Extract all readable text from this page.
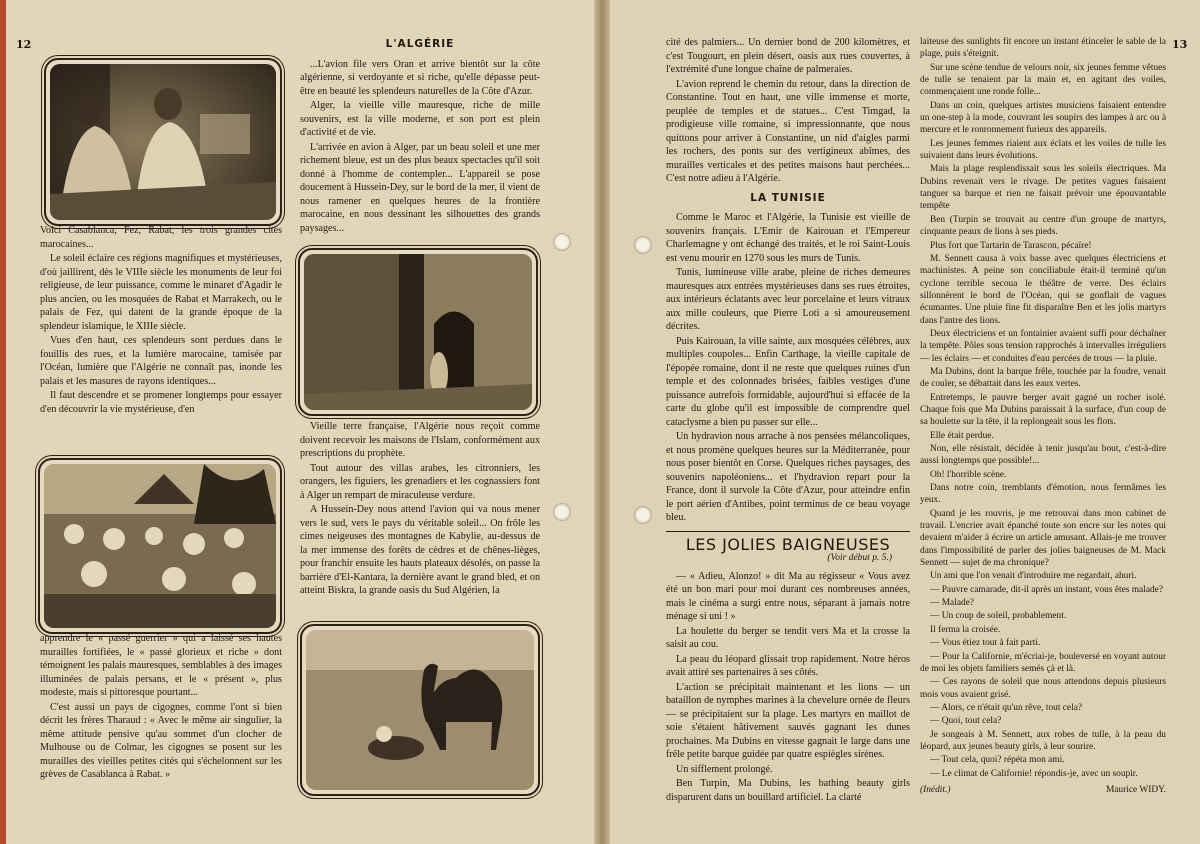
12

Voici Casablanca, Fez, Rabat, les trois grandes cités marocaines...

Le soleil éclaire ces régions magnifiques et mystérieuses, d'où jaillirent, dès le VIIIe siècle les monuments de leur foi religieuse, de leur puissance, comme le minaret d'Agadir le plus ancien, ou les mosquées de Rabat et Marrakech, ou le palais de Fez, qui datent de la grande époque de la splendeur islamique, le XIIIe siècle.

Vues d'en haut, ces splendeurs sont perdues dans le fouillis des rues, et la lumière marocaine, tamisée par l'Océan, lumière que l'Algérie ne connaît pas, inonde les palais et les masures de rayons identiques...

Il faut descendre et se promener longtemps pour essayer d'en découvrir la vie mystérieuse, d'en

apprendre le « passé guerrier » qui a laissé ses hautes murailles fortifiées, le « passé glorieux et riche » dont témoignent les palais mauresques, semblables à des images illuminées de palais persans, et le « présent », plus modeste, mais si pittoresque pourtant...

C'est aussi un pays de cigognes, comme l'ont si bien décrit les frères Tharaud : « Avec le même air singulier, la même attitude pensive qu'au sommet d'un clocher de Mulhouse ou de Colmar, les cigognes se posent sur les murailles des vieilles petites cités qui s'échelonnent sur les grèves de Casablanca à Rabat. »

L'ALGÉRIE

...L'avion file vers Oran et arrive bientôt sur la côte algérienne, si verdoyante et si riche, qu'elle dépasse peut-être en beauté les splendeurs naturelles de la Côte d'Azur.

Alger, la vieille ville mauresque, riche de mille souvenirs, est la ville moderne, et son port est plein d'activité et de vie.

L'arrivée en avion à Alger, par un beau soleil et une mer richement bleue, est un des plus beaux spectacles qu'il soit donné à l'homme de contempler... L'appareil se pose doucement à Hussein-Dey, sur le bord de la mer, il vient de nous ramener en quelques heures de la frontière marocaine, en nous dessinant les silhouettes des grands paysages...

Vieille terre française, l'Algérie nous reçoit comme doivent recevoir les maisons de l'Islam, conformément aux prescriptions du prophète.

Tout autour des villas arabes, les citronniers, les orangers, les figuiers, les grenadiers et les cognassiers font à Alger un rempart de miraculeuse verdure.

A Hussein-Dey nous attend l'avion qui va nous mener vers le sud, vers le pays du véritable soleil... On frôle les cimes neigeuses des montagnes de Kabylie, au-dessus de la mer immense des forêts de cèdres et de chênes-lièges, pour franchir ensuite les hauts plateaux désolés, on passe la barrière d'El-Kantara, la dernière avant le grand bled, et on atteint Biskra, la grande oasis du Sud Algérien, la

13

cité des palmiers... Un dernier bond de 200 kilomètres, et c'est Tougourt, en plein désert, oasis aux rues couvertes, à l'extrémité d'une longue chaîne de palmeraies.

L'avion reprend le chemin du retour, dans la direction de Constantine. Tout en haut, une ville immense et morte, peuplée de temples et de statues... C'est Timgad, la prodigieuse ville romaine, si impressionnante, que nous quittons pour arriver à Constantine, un nid d'aigles parmi les rochers, des ponts sur des vertigineux abîmes, des murailles verticales et des petites maisons haut perchées... C'est notre adieu à l'Algérie.

LA TUNISIE

Comme le Maroc et l'Algérie, la Tunisie est vieille de souvenirs français. L'Emir de Kairouan et l'Empereur Charlemagne y ont échangé des traités, et le roi Saint-Louis est venu mourir en 1270 sous les murs de Tunis.

Tunis, lumineuse ville arabe, pleine de riches demeures mauresques aux entrées mystérieuses dans ses rues étroites, aux intérieurs éclatants avec leur porcelaine et leurs vitraux aux mille couleurs, que Pierre Loti a si amoureusement décrites.

Puis Kairouan, la ville sainte, aux mosquées célèbres, aux multiples coupoles... Enfin Carthage, la vieille capitale de l'épopée romaine, dont il ne reste que quelques ruines d'un temple et des colonnades brisées, faibles vestiges d'une puissance autrefois formidable, aujourd'hui si effacée de la carte du globe qu'il est impossible de comprendre quel cataclysme a bien pu passer sur elle...

Un hydravion nous arrache à nos pensées mélancoliques, et nous promène quelques heures sur la Méditerranée, pour nous poser bientôt en Corse. Quelques riches paysages, des souvenirs napoléoniens... et l'hydravion repart pour la France, dont il survole la Côte d'Azur, pour atteindre enfin le port aérien d'Antibes, point terminus de ce beau voyage bleu.

LES JOLIES BAIGNEUSES
(Voir début p. 5.)

— « Adieu, Alonzo! » dit Ma au régisseur « Vous avez été un bon mari pour moi durant ces nombreuses années, mais le cinéma a surgi entre nous, séparant à jamais notre ménage si uni ! »

La houlette du berger se tendit vers Ma et la crosse la saisit au cou.

La peau du léopard glissait trop rapidement. Notre héros avait attiré ses partenaires à ses côtés.

L'action se précipitait maintenant et les lions — un bataillon de nymphes marines à la chevelure ornée de fleurs — se précipitaient sur la plage. Les martyrs en maillot de soie s'étaient hâtivement sauvés gagnant les dunes prochaines. Ma Dubins en vitesse gagnait le large dans une frêle petite barque guidée par quatre espiègles sirènes.

Un sifflement prolongé.

Ben Turpin, Ma Dubins, les bathing beauty girls disparurent dans un bouillard artificiel. La clarté

laiteuse des sunlights fit encore un instant étinceler le sable de la plage, puis s'éteignit.

Sur une scène tendue de velours noir, six jeunes femme vêtues de tulle se tenaient par la main et, en agitant des voiles, commençaient une ronde folle...

Dans un coin, quelques artistes musiciens faisaient entendre un one-step à la mode, couvrant les soupirs des lampes à arc ou à mercure et le ronronnement furieux des appareils.

Les jeunes femmes riaient aux éclats et les voiles de tulle les suivaient dans leurs évolutions.

Mais la plage resplendissait sous les soleils électriques. Ma Dubins revenait vers le rivage. De petites vagues faisaient tanguer sa barque et rien ne faisait prévoir une épouvantable tempête

Ben (Turpin se trouvait au centre d'un groupe de martyrs, cinquante peaux de lions à ses pieds.

Plus fort que Tartarin de Tarascon, pécaïre!

M. Sennett causa à voix basse avec quelques électriciens et machinistes. A peine son conciliabule était-il terminé qu'un cyclone terrible secoua le théâtre de verre. Des éclairs sillonnèrent le bord de l'Océan, qui se gonflait de vagues écumantes. Une pluie fine fit disparaître Ben et les jolis martyrs dans l'antre des lions.

Deux électriciens et un fontainier avaient suffi pour déchaîner la tempête. Pôles sous tension rapprochés à intervalles irréguliers — les éclairs — et conduites d'eau percées de trous — la pluie.

Ma Dubins, dont la barque frêle, touchée par la foudre, venait de couler, se débattait dans les eaux vertes.

Entretemps, le pauvre berger avait gagné un rocher isolé. Chaque fois que Ma Dubins paraissait à la surface, d'un coup de sa houlette sur la tête, il la replongeait sous les flots.

Elle était perdue.

Non, elle résistait, décidée à tenir jusqu'au bout, c'est-à-dire aussi longtemps que possible!...

Oh! l'horrible scène.

Dans notre coin, tremblants d'émotion, nous fermâmes les yeux.

Quand je les rouvris, je me retrouvai dans mon cabinet de travail. L'encrier avait épanché toute son encre sur les notes qui devaient m'aider à écrire un article amusant. Allais-je me trouver dans l'impossibilité de parler des jolies baigneuses de M. Mack Sennett — sujet de ma chronique?

Un ami que l'on venait d'introduire me regardait, ahuri.

— Pauvre camarade, dit-il après un instant, vous êtes malade?

— Malade?

— Un coup de soleil, probablement.

Il ferma la croisée.

— Vous étiez tout à fait parti.

— Pour la Californie, m'écriai-je, bouleversé en voyant autour de moi les objets familiers semés çà et là.

— Ces rayons de soleil que nous attendons depuis plusieurs mois vous avaient grisé.

— Alors, ce n'était qu'un rêve, tout cela?

— Quoi, tout cela?

Je songeais à M. Sennett, aux robes de tulle, à la peau du léopard, aux jeunes beauty girls, à leur sourire.

— Tout cela, quoi? répéta mon ami.

— Le climat de Californie! répondis-je, avec un soupir.

(Inédit.)	Maurice WIDY.
